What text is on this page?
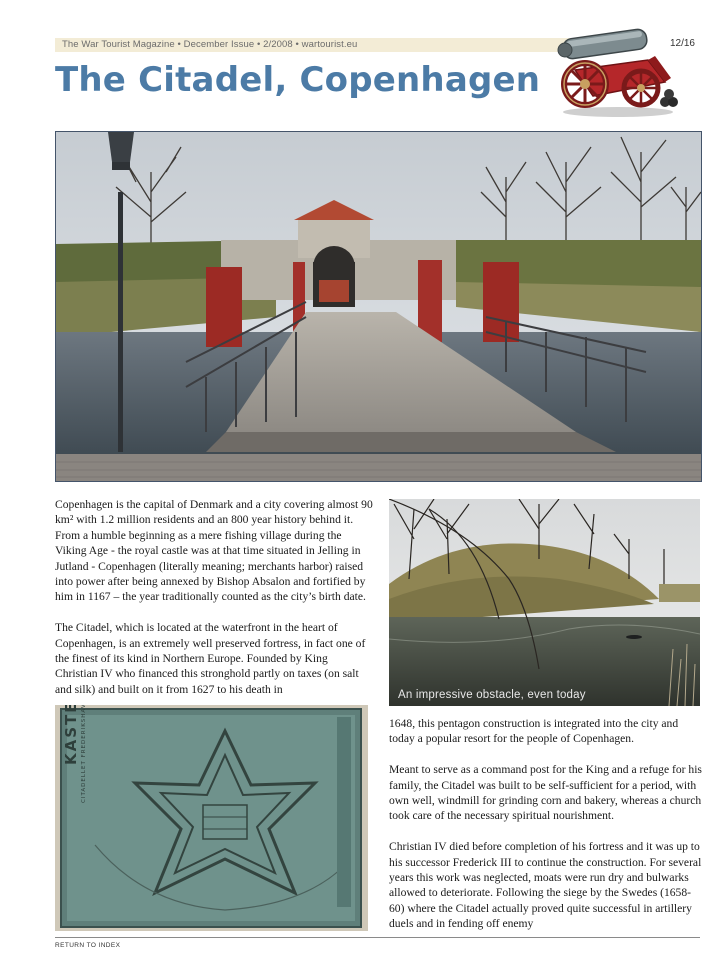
The War Tourist Magazine • December Issue • 2/2008 • wartourist.eu	12/16
The Citadel, Copenhagen

Copenhagen is the capital of Denmark and a city covering almost 90 km² with 1.2 million residents and an 800 year history behind it. From a humble beginning as a mere fishing village during the Viking Age - the royal castle was at that time situated in Jelling in Jutland - Copenhagen (literally meaning; merchants harbor) raised into power after being annexed by Bishop Absalon and fortified by him in 1167 – the year traditionally counted as the city’s birth date.

The Citadel, which is located at the waterfront in the heart of Copenhagen, is an extremely well preserved fortress, in fact one of the finest of its kind in Northern Europe. Founded by King Christian IV who financed this stronghold partly on taxes (on salt and silk) and built on it from 1627 to his death in	An impressive obstacle, even today

1648, this pentagon construction is integrated into the city and today a popular resort for the people of Copenhagen.

Meant to serve as a command post for the King and a refuge for his family, the Citadel was built to be self-sufficient for a period, with own well, windmill for grinding corn and bakery, whereas a church took care of the necessary spiritual nourishment.

Christian IV died before completion of his fortress and it was up to his successor Frederick III to continue the construction. For several years this work was neglected, moats were run dry and bulwarks allowed to deteriorate. Following the siege by the Swedes (1658-60) where the Citadel actually proved quite successful in artillery duels and in fending off enemy

RETURN TO INDEX
